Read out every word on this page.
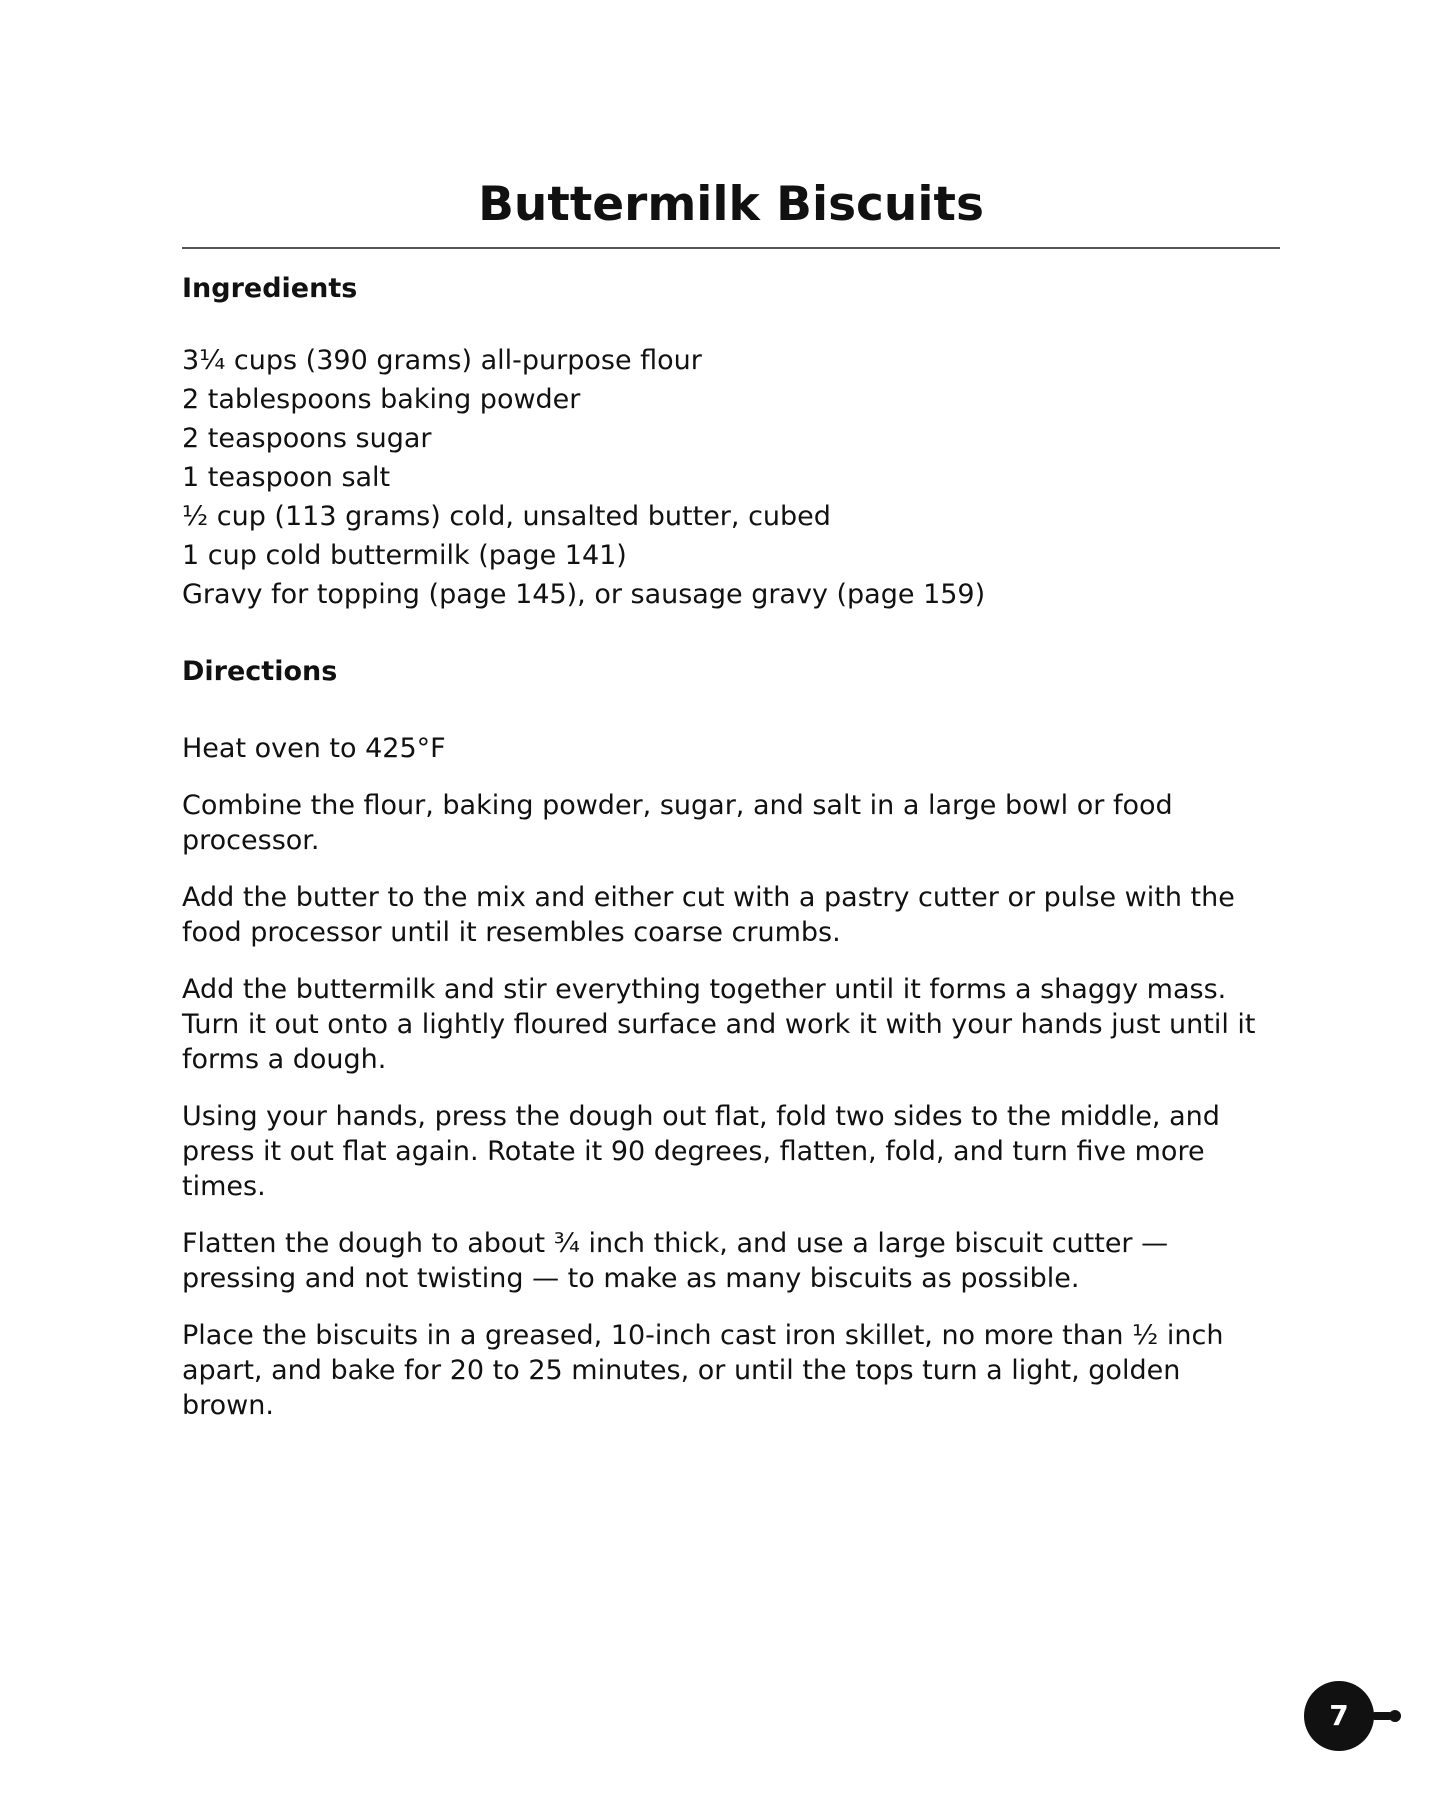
Buttermilk Biscuits
Ingredients
3¼ cups (390 grams) all-purpose flour
2 tablespoons baking powder
2 teaspoons sugar
1 teaspoon salt
½ cup (113 grams) cold, unsalted butter, cubed
1 cup cold buttermilk (page 141)
Gravy for topping (page 145), or sausage gravy (page 159)
Directions

Heat oven to 425°F

Combine the flour, baking powder, sugar, and salt in a large bowl or food processor.

Add the butter to the mix and either cut with a pastry cutter or pulse with the food processor until it resembles coarse crumbs.

Add the buttermilk and stir everything together until it forms a shaggy mass. Turn it out onto a lightly floured surface and work it with your hands just until it forms a dough.

Using your hands, press the dough out flat, fold two sides to the middle, and press it out flat again. Rotate it 90 degrees, flatten, fold, and turn five more times.

Flatten the dough to about ¾ inch thick, and use a large biscuit cutter — pressing and not twisting — to make as many biscuits as possible.

Place the biscuits in a greased, 10-inch cast iron skillet, no more than ½ inch apart, and bake for 20 to 25 minutes, or until the tops turn a light, golden brown.

7
